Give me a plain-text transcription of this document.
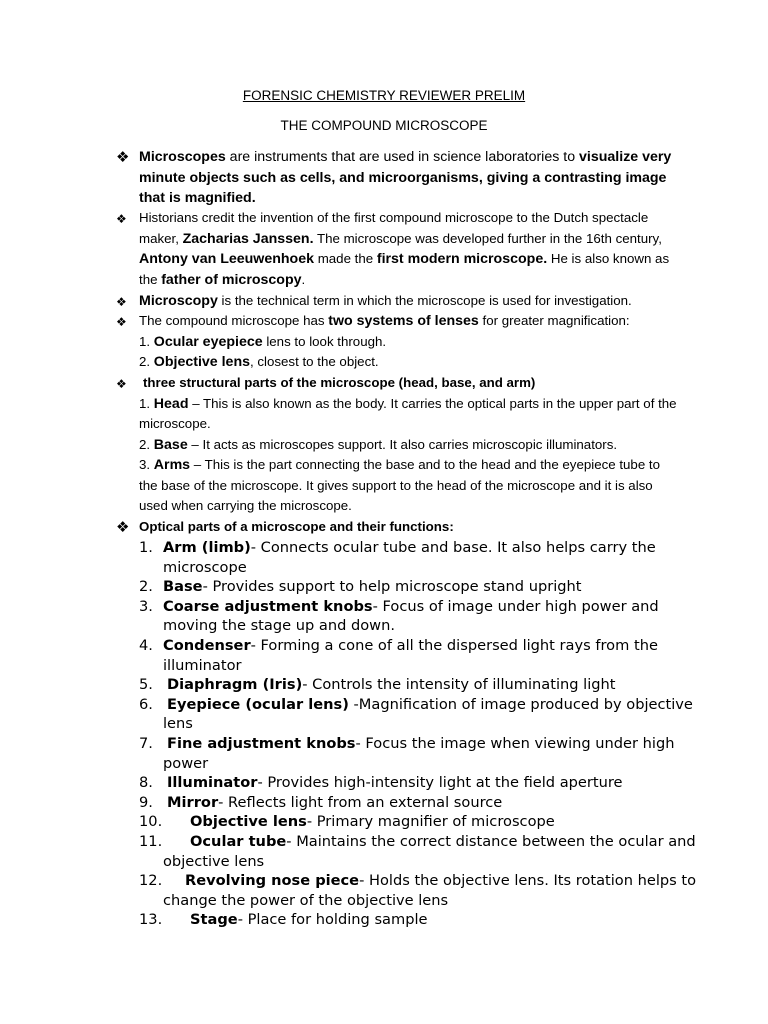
FORENSIC CHEMISTRY REVIEWER PRELIM
THE COMPOUND MICROSCOPE
❖ Microscopes are instruments that are used in science laboratories to visualize very minute objects such as cells, and microorganisms, giving a contrasting image that is magnified.
❖ Historians credit the invention of the first compound microscope to the Dutch spectacle maker, Zacharias Janssen. The microscope was developed further in the 16th century, Antony van Leeuwenhoek made the first modern microscope. He is also known as the father of microscopy.
❖ Microscopy is the technical term in which the microscope is used for investigation.
❖ The compound microscope has two systems of lenses for greater magnification:
1. Ocular eyepiece lens to look through.
2. Objective lens, closest to the object.
❖	three structural parts of the microscope (head, base, and arm)
1. Head – This is also known as the body. It carries the optical parts in the upper part of the microscope.
2. Base – It acts as microscopes support. It also carries microscopic illuminators.
3. Arms – This is the part connecting the base and to the head and the eyepiece tube to the base of the microscope. It gives support to the head of the microscope and it is also used when carrying the microscope.
❖ Optical parts of a microscope and their functions:
1. Arm (limb)- Connects ocular tube and base. It also helps carry the microscope
2. Base- Provides support to help microscope stand upright
3. Coarse adjustment knobs- Focus of image under high power and moving the stage up and down.
4. Condenser- Forming a cone of all the dispersed light rays from the illuminator
5. Diaphragm (Iris)- Controls the intensity of illuminating light
6. Eyepiece (ocular lens) -Magnification of image produced by objective lens
7. Fine adjustment knobs- Focus the image when viewing under high power
8. Illuminator- Provides high-intensity light at the field aperture
9. Mirror- Reflects light from an external source
10.	Objective lens- Primary magnifier of microscope
11.	Ocular tube- Maintains the correct distance between the ocular and objective lens
12.	Revolving nose piece- Holds the objective lens. Its rotation helps to change the power of the objective lens
13.	Stage- Place for holding sample
